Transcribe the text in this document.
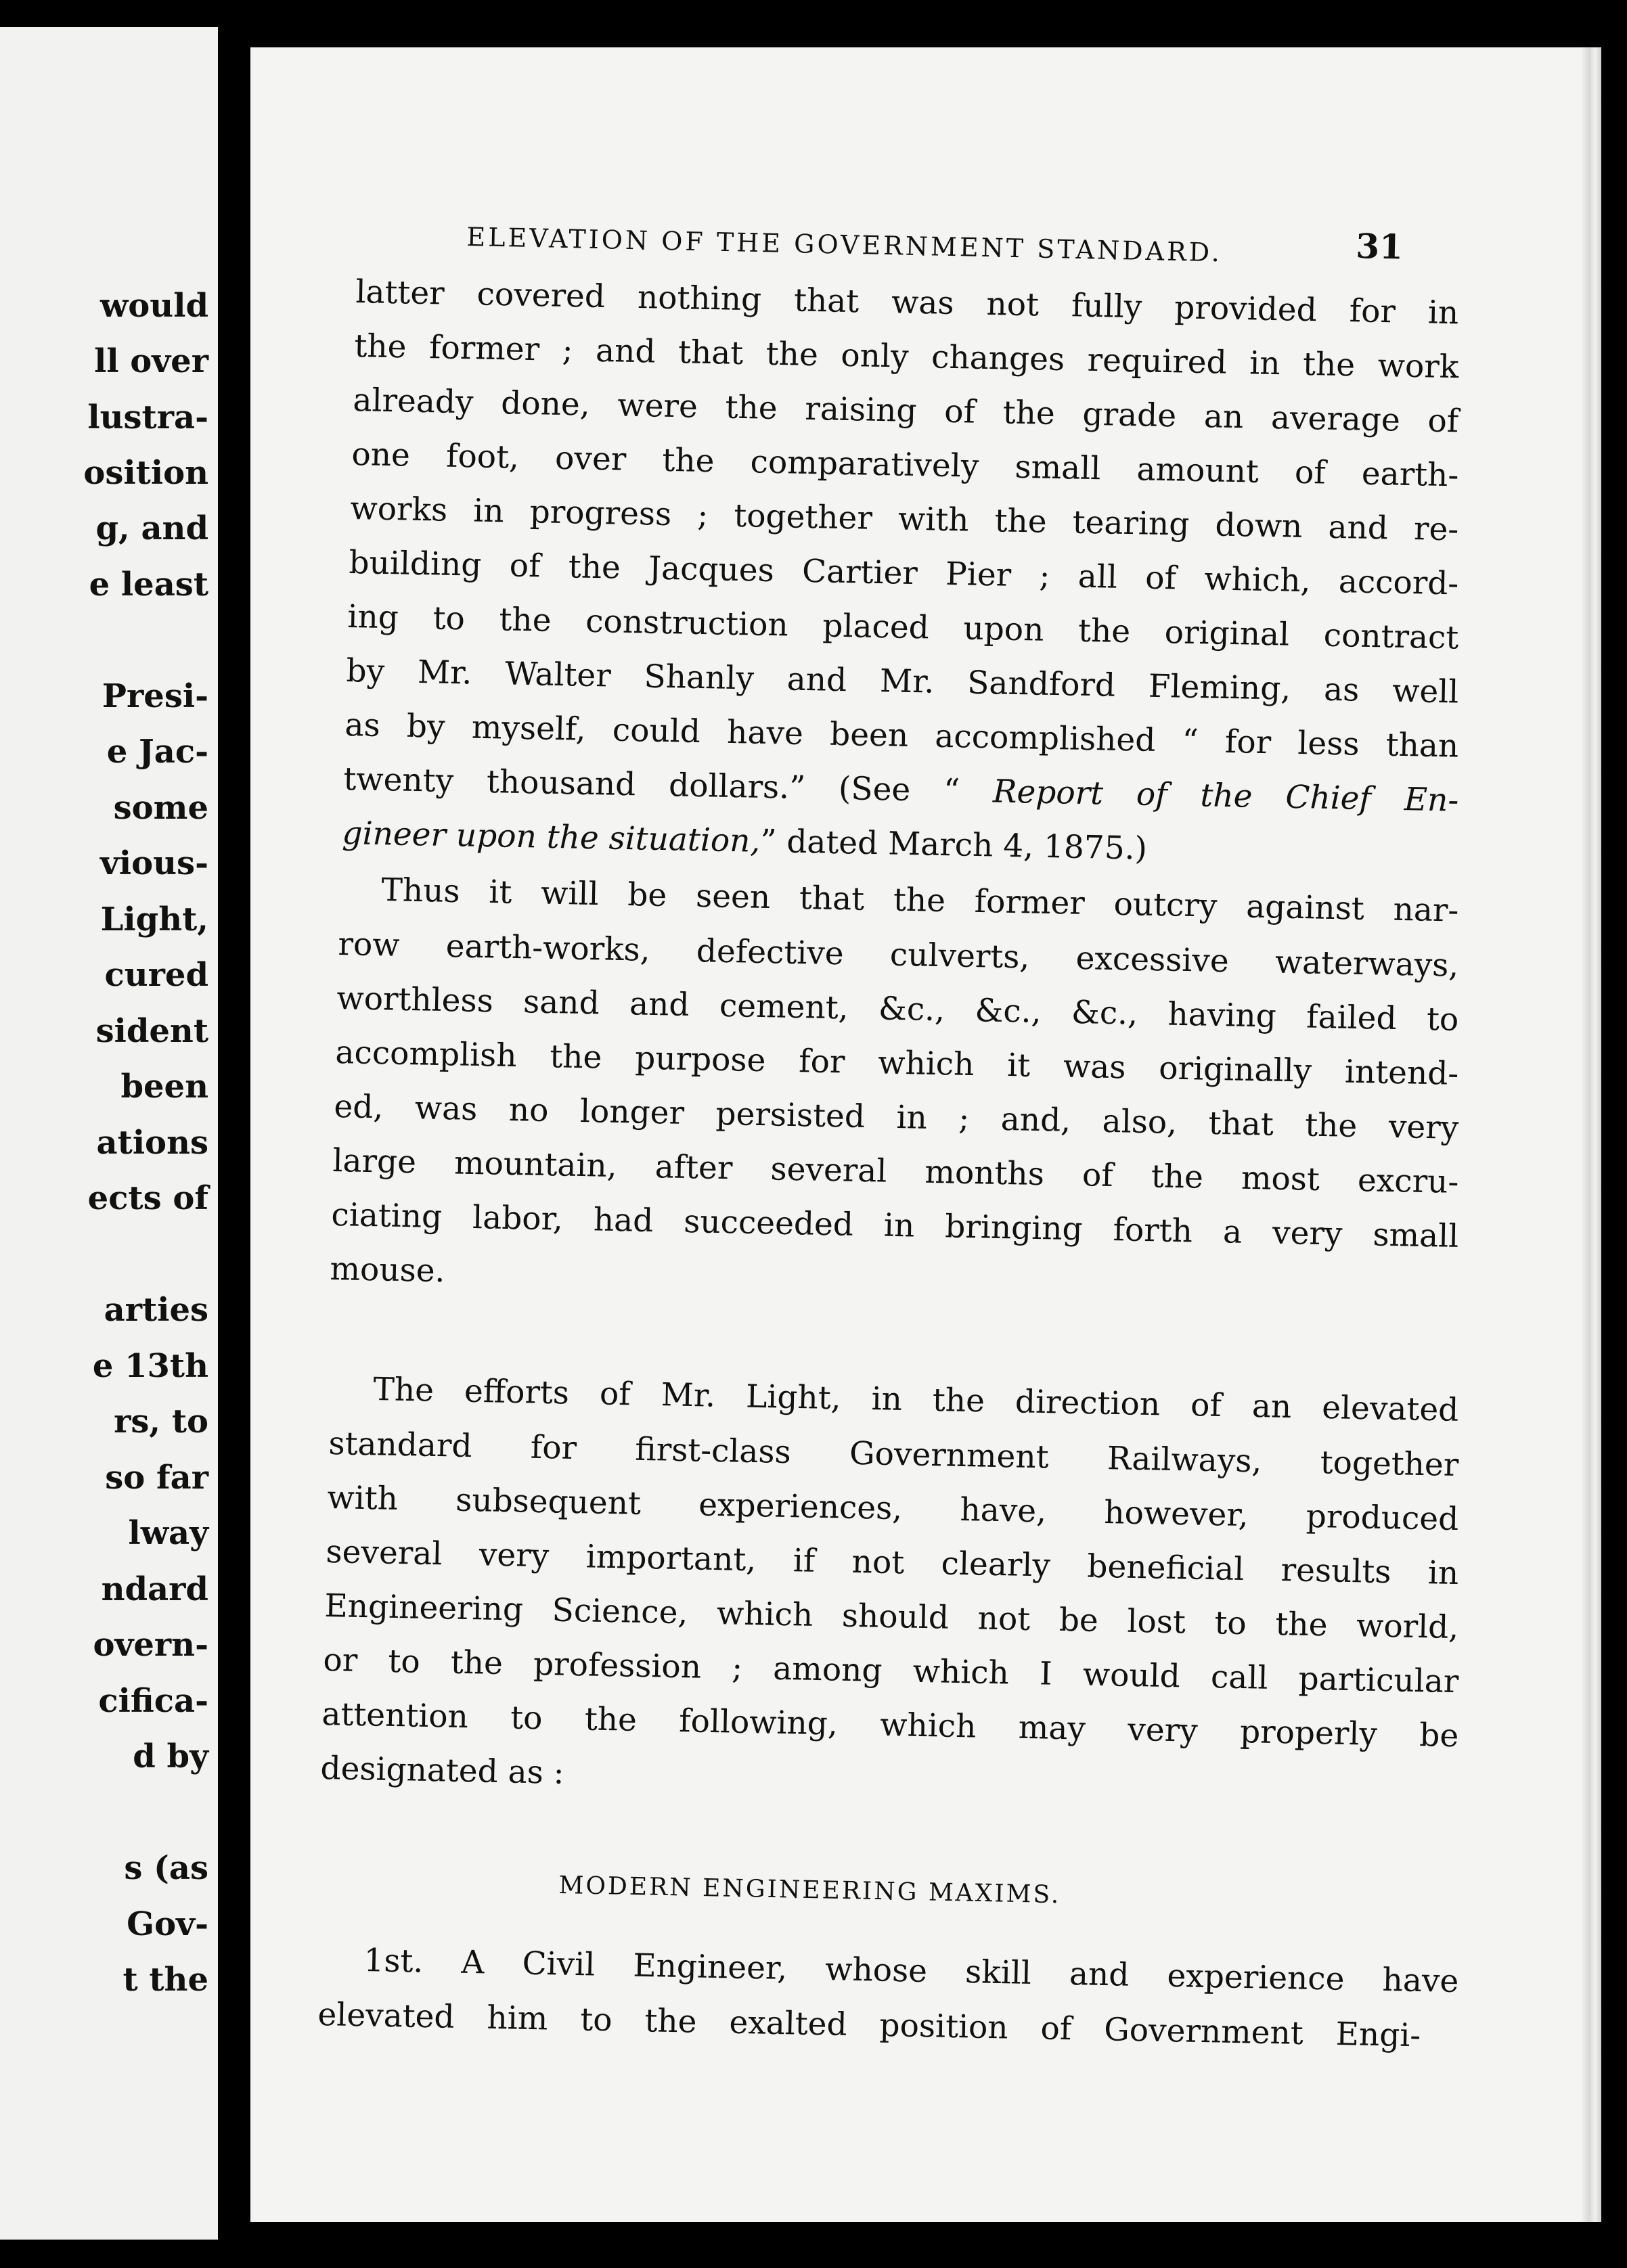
would
ll over
lustra-
osition
g, and
e least
Presi-
e Jac-
some
vious-
Light,
cured
sident
been
ations
ects of
arties
e 13th
rs, to
so far
lway
ndard
overn-
cifica-
d by
s (as
Gov-
t the
ELEVATION OF THE GOVERNMENT STANDARD.	31
latter covered nothing that was not fully provided for in
the former ; and that the only changes required in the work
already done, were the raising of the grade an average of
one foot, over the comparatively small amount of earth-
works in progress ; together with the tearing down and re-
building of the Jacques Cartier Pier ; all of which, accord-
ing to the construction placed upon the original contract
by Mr. Walter Shanly and Mr. Sandford Fleming, as well
as by myself, could have been accomplished “ for less than
twenty thousand dollars.” (See “ Report of the Chief En-
gineer upon the situation,” dated March 4, 1875.)
Thus it will be seen that the former outcry against nar-
row earth-works, defective culverts, excessive waterways,
worthless sand and cement, &c., &c., &c., having failed to
accomplish the purpose for which it was originally intend-
ed, was no longer persisted in ; and, also, that the very
large mountain, after several months of the most excru-
ciating labor, had succeeded in bringing forth a very small
mouse.
The efforts of Mr. Light, in the direction of an elevated
standard for first-class Government Railways, together
with subsequent experiences, have, however, produced
several very important, if not clearly beneficial results in
Engineering Science, which should not be lost to the world,
or to the profession ; among which I would call particular
attention to the following, which may very properly be
designated as :
MODERN ENGINEERING MAXIMS.
1st. A Civil Engineer, whose skill and experience have
elevated him to the exalted position of Government Engi-
